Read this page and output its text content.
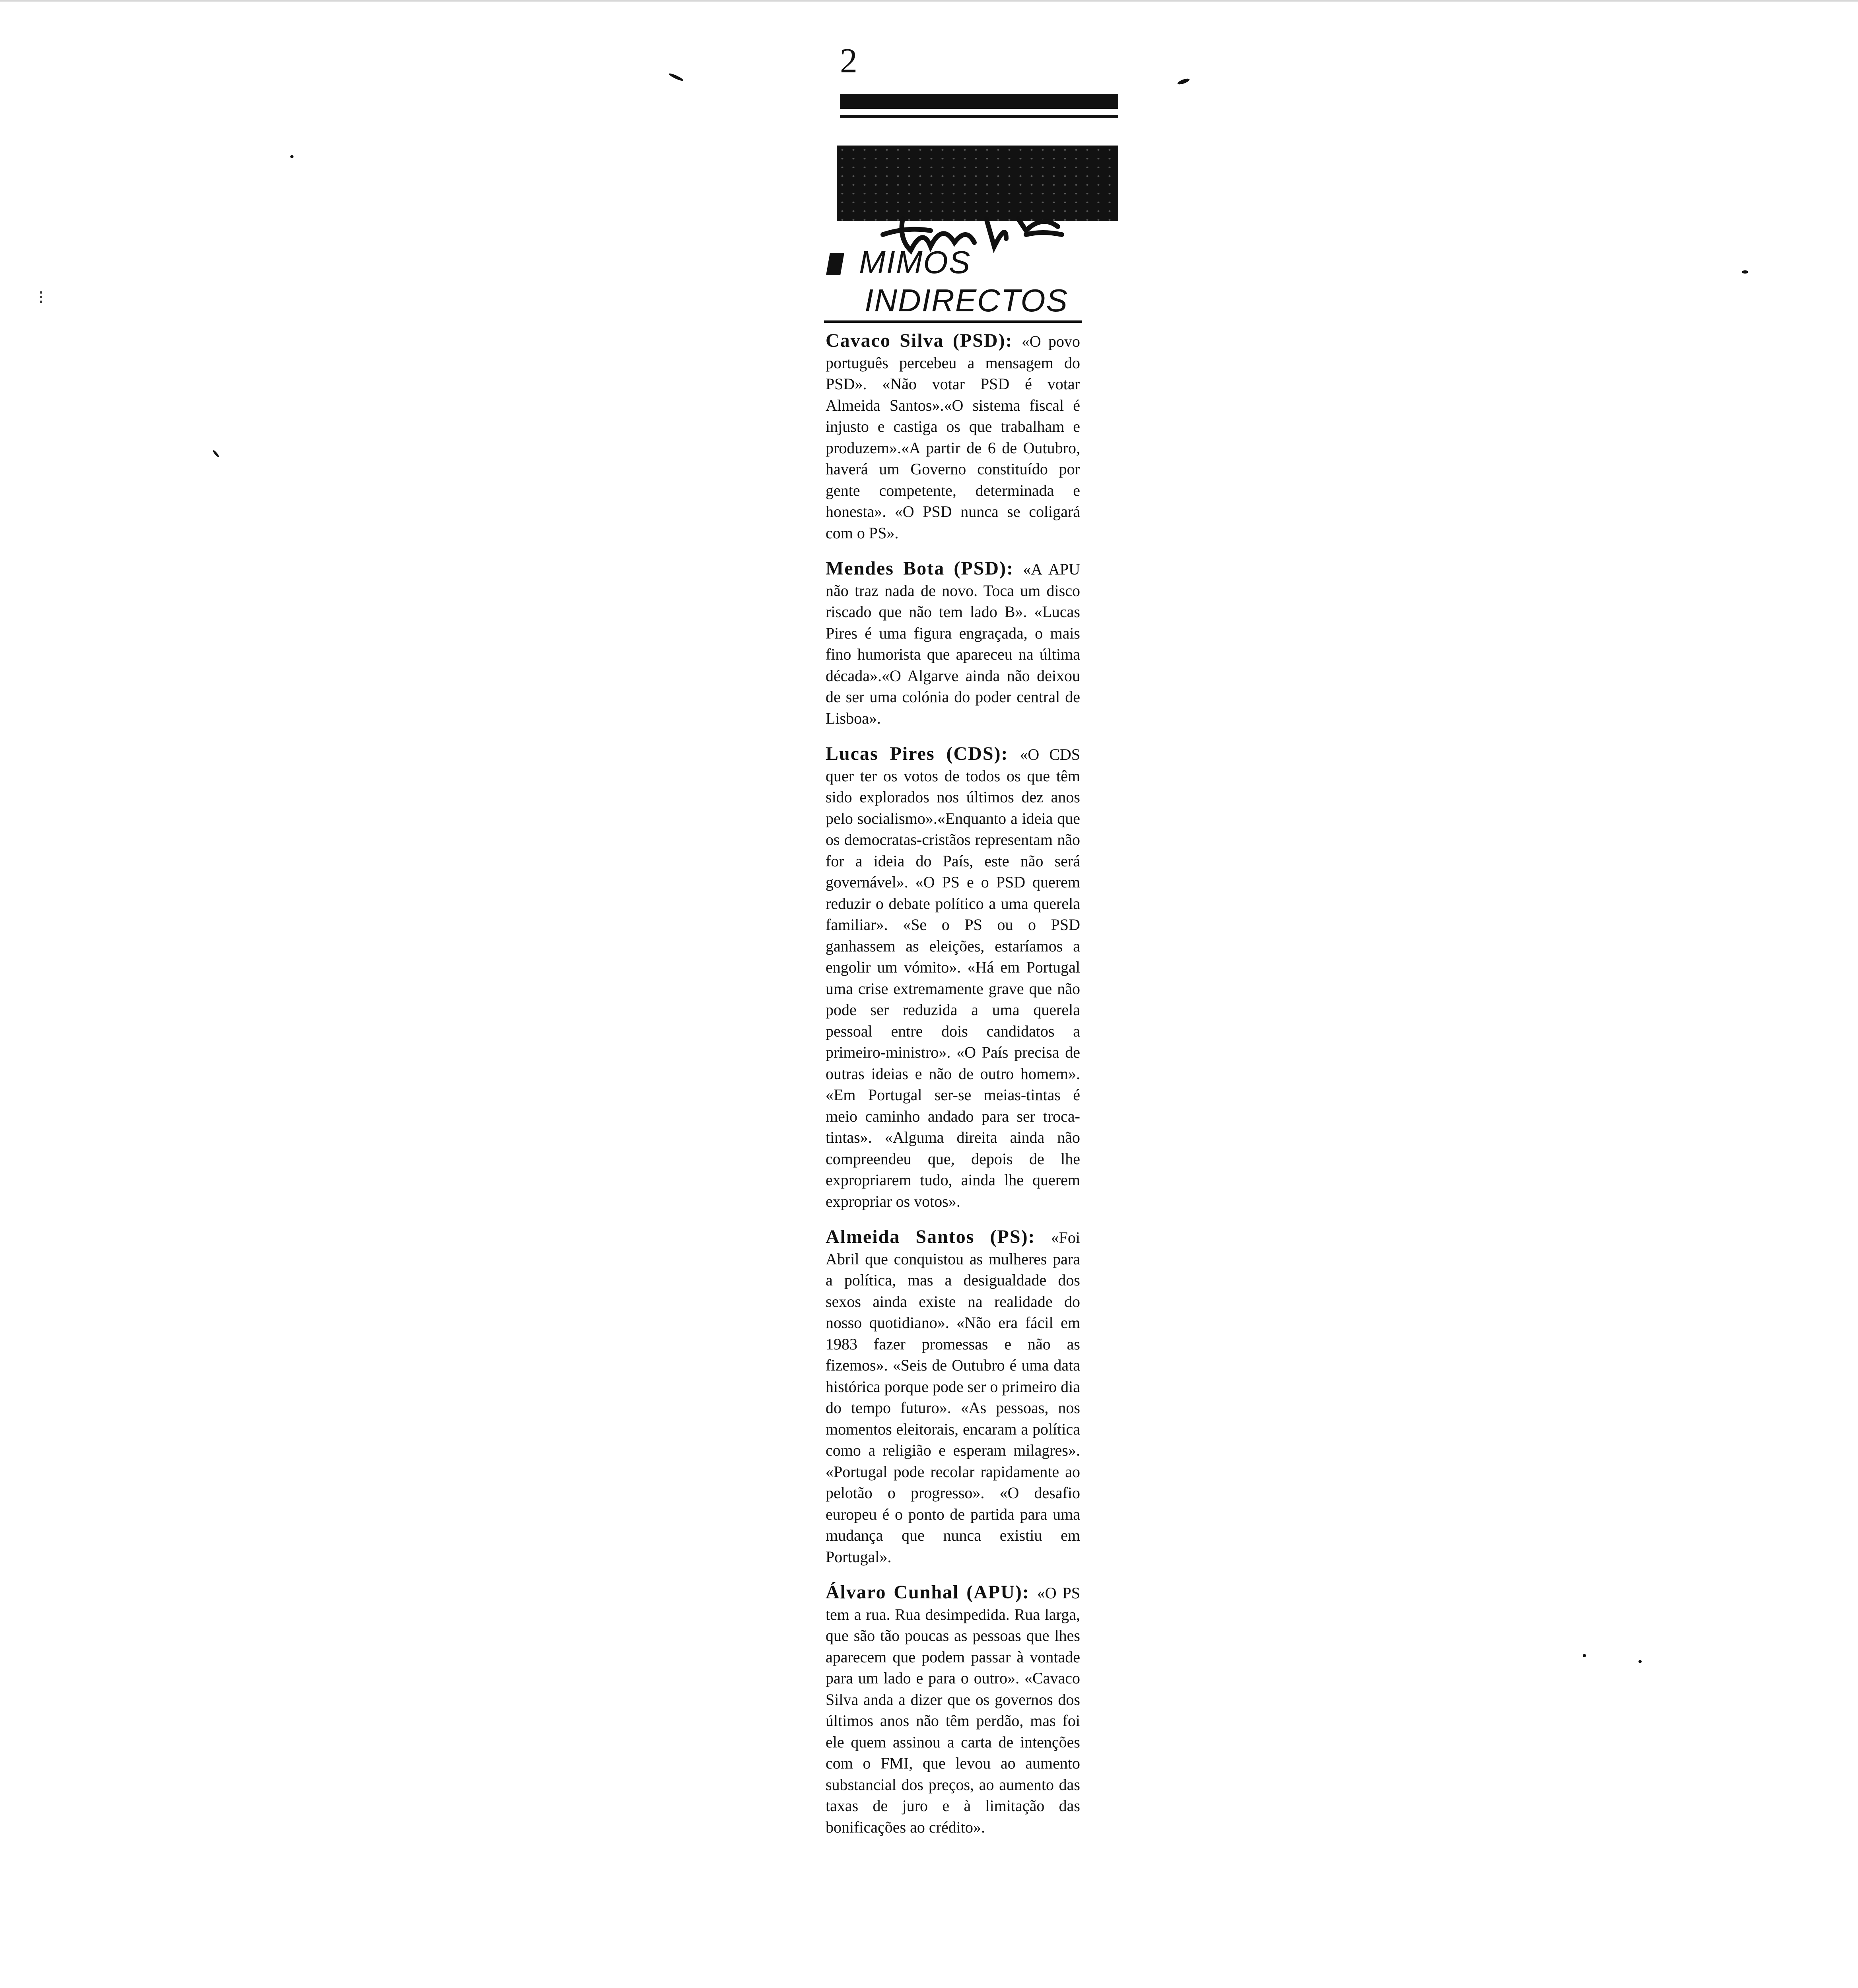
2
⁝
MIMOS
INDIRECTOS

Cavaco Silva (PSD): «O povo português percebeu a mensagem do PSD». «Não votar PSD é votar Almeida Santos».«O sistema fiscal é injusto e castiga os que trabalham e produzem».«A partir de 6 de Outubro, haverá um Governo constituído por gente competente, determinada e honesta». «O PSD nunca se coligará com o PS».

Mendes Bota (PSD): «A APU não traz nada de novo. Toca um disco riscado que não tem lado B». «Lucas Pires é uma figura engraçada, o mais fino humorista que apareceu na última década».«O Algarve ainda não deixou de ser uma colónia do poder central de Lisboa».

Lucas Pires (CDS): «O CDS quer ter os votos de todos os que têm sido explorados nos últimos dez anos pelo socialismo».«Enquanto a ideia que os democratas-cristãos representam não for a ideia do País, este não será governável». «O PS e o PSD querem reduzir o debate político a uma querela familiar». «Se o PS ou o PSD ganhassem as eleições, estaríamos a engolir um vómito». «Há em Portugal uma crise extremamente grave que não pode ser reduzida a uma querela pessoal entre dois candidatos a primeiro-ministro». «O País precisa de outras ideias e não de outro homem». «Em Portugal ser-se meias-tintas é meio caminho andado para ser troca-tintas». «Alguma direita ainda não compreendeu que, depois de lhe expropriarem tudo, ainda lhe querem expropriar os votos».

Almeida Santos (PS): «Foi Abril que conquistou as mulheres para a política, mas a desigualdade dos sexos ainda existe na realidade do nosso quotidiano». «Não era fácil em 1983 fazer promessas e não as fizemos». «Seis de Outubro é uma data histórica porque pode ser o primeiro dia do tempo futuro». «As pessoas, nos momentos eleitorais, encaram a política como a religião e esperam milagres». «Portugal pode recolar rapidamente ao pelotão o progresso». «O desafio europeu é o ponto de partida para uma mudança que nunca existiu em Portugal».

Álvaro Cunhal (APU): «O PS tem a rua. Rua desimpedida. Rua larga, que são tão poucas as pessoas que lhes aparecem que podem passar à vontade para um lado e para o outro». «Cavaco Silva anda a dizer que os governos dos últimos anos não têm perdão, mas foi ele quem assinou a carta de intenções com o FMI, que levou ao aumento substancial dos preços, ao aumento das taxas de juro e à limitação das bonificações ao crédito».
